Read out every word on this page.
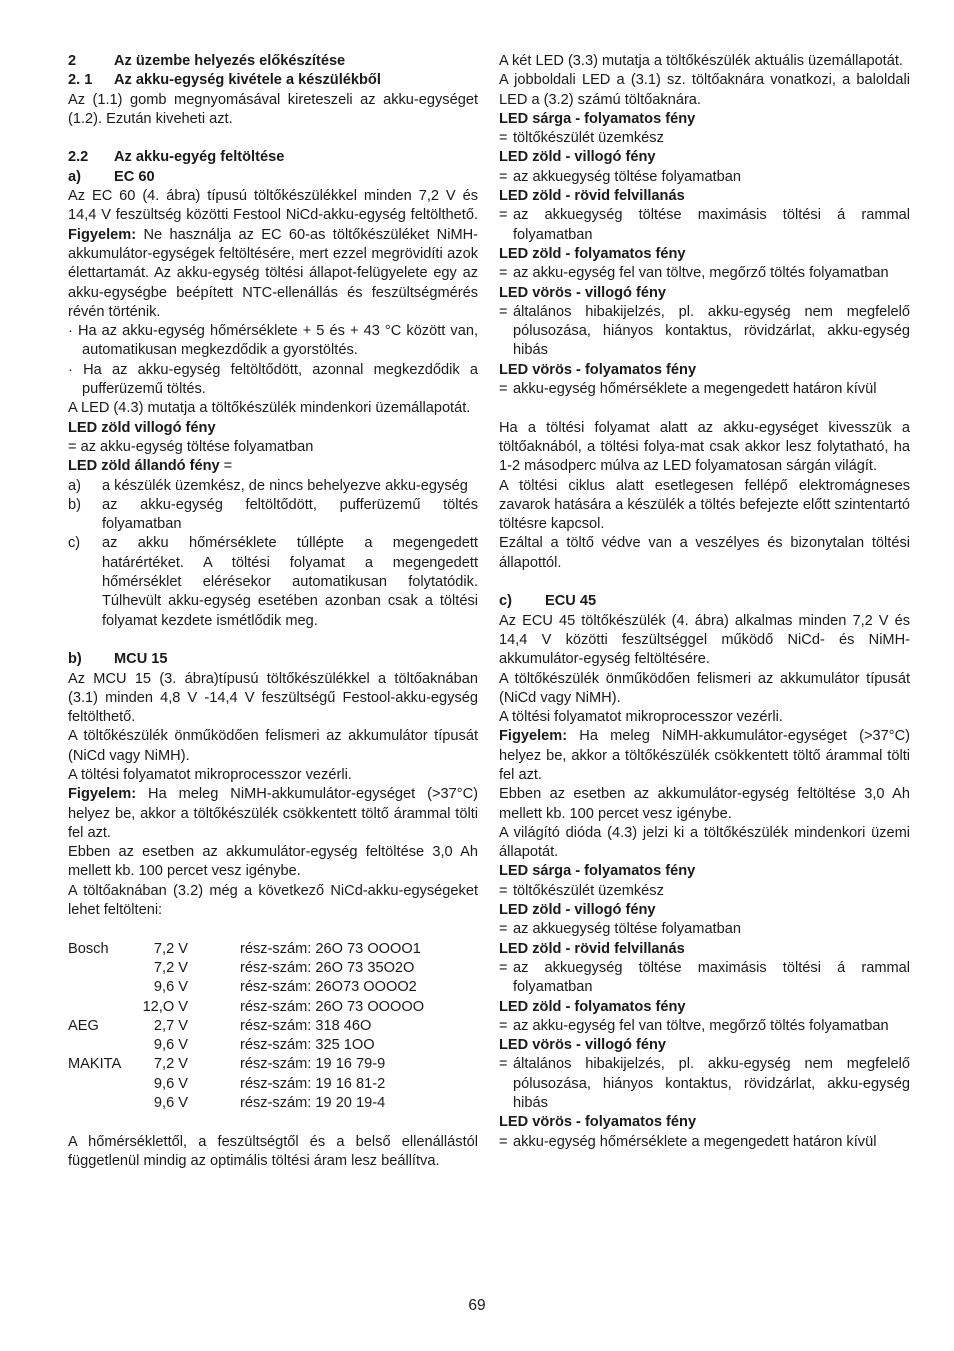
2	Az üzembe helyezés előkészítése
2. 1	Az akku-egység kivétele a készülékből

Az (1.1) gomb megnyomásával kireteszeli az akku-egységet (1.2). Ezután kiveheti azt.

2.2	Az akku-egyég feltöltése
a)	EC 60

Az EC 60 (4. ábra) típusú töltőkészülékkel minden 7,2 V és 14,4 V feszültség közötti Festool NiCd-akku-egység feltölthető. Figyelem: Ne használja az EC 60-as töltőkészüléket NiMH-akkumulátor-egységek feltöltésére, mert ezzel megrövidíti azok élettartamát. Az akku-egység töltési állapot-felügyelete egy az akku-egységbe beépített NTC-ellenállás és feszültségmérés révén történik.

· Ha az akku-egység hőmérséklete + 5 és + 43 °C között van, automatikusan megkezdődik a gyorstöltés.

· Ha az akku-egység feltöltődött, azonnal megkezdődik a pufferüzemű töltés.

A LED (4.3) mutatja a töltőkészülék mindenkori üzemállapotát.

LED zöld villogó fény

= az akku-egység töltése folyamatban

LED zöld állandó fény =

a)	a készülék üzemkész, de nincs behelyezve akku-egység
b)	az akku-egység feltöltődött, pufferüzemű töltés folyamatban
c)	az akku hőmérséklete túllépte a megengedett határértéket. A töltési folyamat a megengedett hőmérséklet elérésekor automatikusan folytatódik. Túlhevült akku-egység esetében azonban csak a töltési folyamat kezdete ismétlődik meg.
b)	MCU 15

Az MCU 15 (3. ábra)típusú töltőkészülékkel a töltőaknában (3.1) minden 4,8 V -14,4 V feszültségű Festool-akku-egység feltölthető.

A töltőkészülék önműködően felismeri az akkumulátor típusát (NiCd vagy NiMH).

A töltési folyamatot mikroprocesszor vezérli.

Figyelem: Ha meleg NiMH-akkumulátor-egységet (>37°C) helyez be, akkor a töltőkészülék csökkentett töltő árammal tölti fel azt.

Ebben az esetben az akkumulátor-egység feltöltése 3,0 Ah mellett kb. 100 percet vesz igénybe.

A töltőaknában (3.2) még a következő NiCd-akku-egységeket lehet feltölteni:

Bosch	7,2 V	rész-szám: 26O 73 OOOO1
	7,2 V	rész-szám: 26O 73 35O2O
	9,6 V	rész-szám: 26O73 OOOO2
	12,O V	rész-szám: 26O 73 OOOOO
AEG	2,7 V	rész-szám: 318 46O
	9,6 V	rész-szám: 325 1OO
MAKITA	7,2 V	rész-szám: 19 16 79-9
	9,6 V	rész-szám: 19 16 81-2
	9,6 V	rész-szám: 19 20 19-4

A hőmérséklettől, a feszültségtől és a belső ellenállástól függetlenül mindig az optimális töltési áram lesz beállítva.

A két LED (3.3) mutatja a töltőkészülék aktuális üzemállapotát.

A jobboldali LED a (3.1) sz. töltőaknára vonatkozi, a baloldali LED a (3.2) számú töltőaknára.

LED sárga - folyamatos fény

= töltőkészülét üzemkész

LED zöld - villogó fény

= az akkuegység töltése folyamatban

LED zöld - rövid felvillanás

= az akkuegység töltése maximásis töltési á rammal folyamatban

LED zöld - folyamatos fény

= az akku-egység fel van töltve, megőrző töltés folyamatban

LED vörös - villogó fény

= általános hibakijelzés, pl. akku-egység nem megfelelő pólusozása, hiányos kontaktus, rövidzárlat, akku-egység hibás

LED vörös - folyamatos fény

= akku-egység hőmérséklete a megengedett határon kívül

Ha a töltési folyamat alatt az akku-egységet kivesszük a töltőaknából, a töltési folya-mat csak akkor lesz folytatható, ha 1-2 másodperc múlva az LED folyamatosan sárgán világít.

A töltési ciklus alatt esetlegesen fellépő elektromágneses zavarok hatására a készülék a töltés befejezte előtt szintentartó töltésre kapcsol.

Ezáltal a töltő védve van a veszélyes és bizonytalan töltési állapottól.

c)	ECU 45

Az ECU 45 töltőkészülék (4. ábra) alkalmas minden 7,2 V és 14,4 V közötti feszültséggel működő NiCd- és NiMH-akkumulátor-egység feltöltésére.

A töltőkészülék önműködően felismeri az akkumulátor típusát (NiCd vagy NiMH).

A töltési folyamatot mikroprocesszor vezérli.

Figyelem: Ha meleg NiMH-akkumulátor-egységet (>37°C) helyez be, akkor a töltőkészülék csökkentett töltő árammal tölti fel azt.

Ebben az esetben az akkumulátor-egység feltöltése 3,0 Ah mellett kb. 100 percet vesz igénybe.

A világító dióda (4.3) jelzi ki a töltőkészülék mindenkori üzemi állapotát.

LED sárga - folyamatos fény

= töltőkészülét üzemkész

LED zöld - villogó fény

= az akkuegység töltése folyamatban

LED zöld - rövid felvillanás

= az akkuegység töltése maximásis töltési á rammal folyamatban

LED zöld - folyamatos fény

= az akku-egység fel van töltve, megőrző töltés folyamatban

LED vörös - villogó fény

= általános hibakijelzés, pl. akku-egység nem megfelelő pólusozása, hiányos kontaktus, rövidzárlat, akku-egység hibás

LED vörös - folyamatos fény

= akku-egység hőmérséklete a megengedett határon kívül
69
